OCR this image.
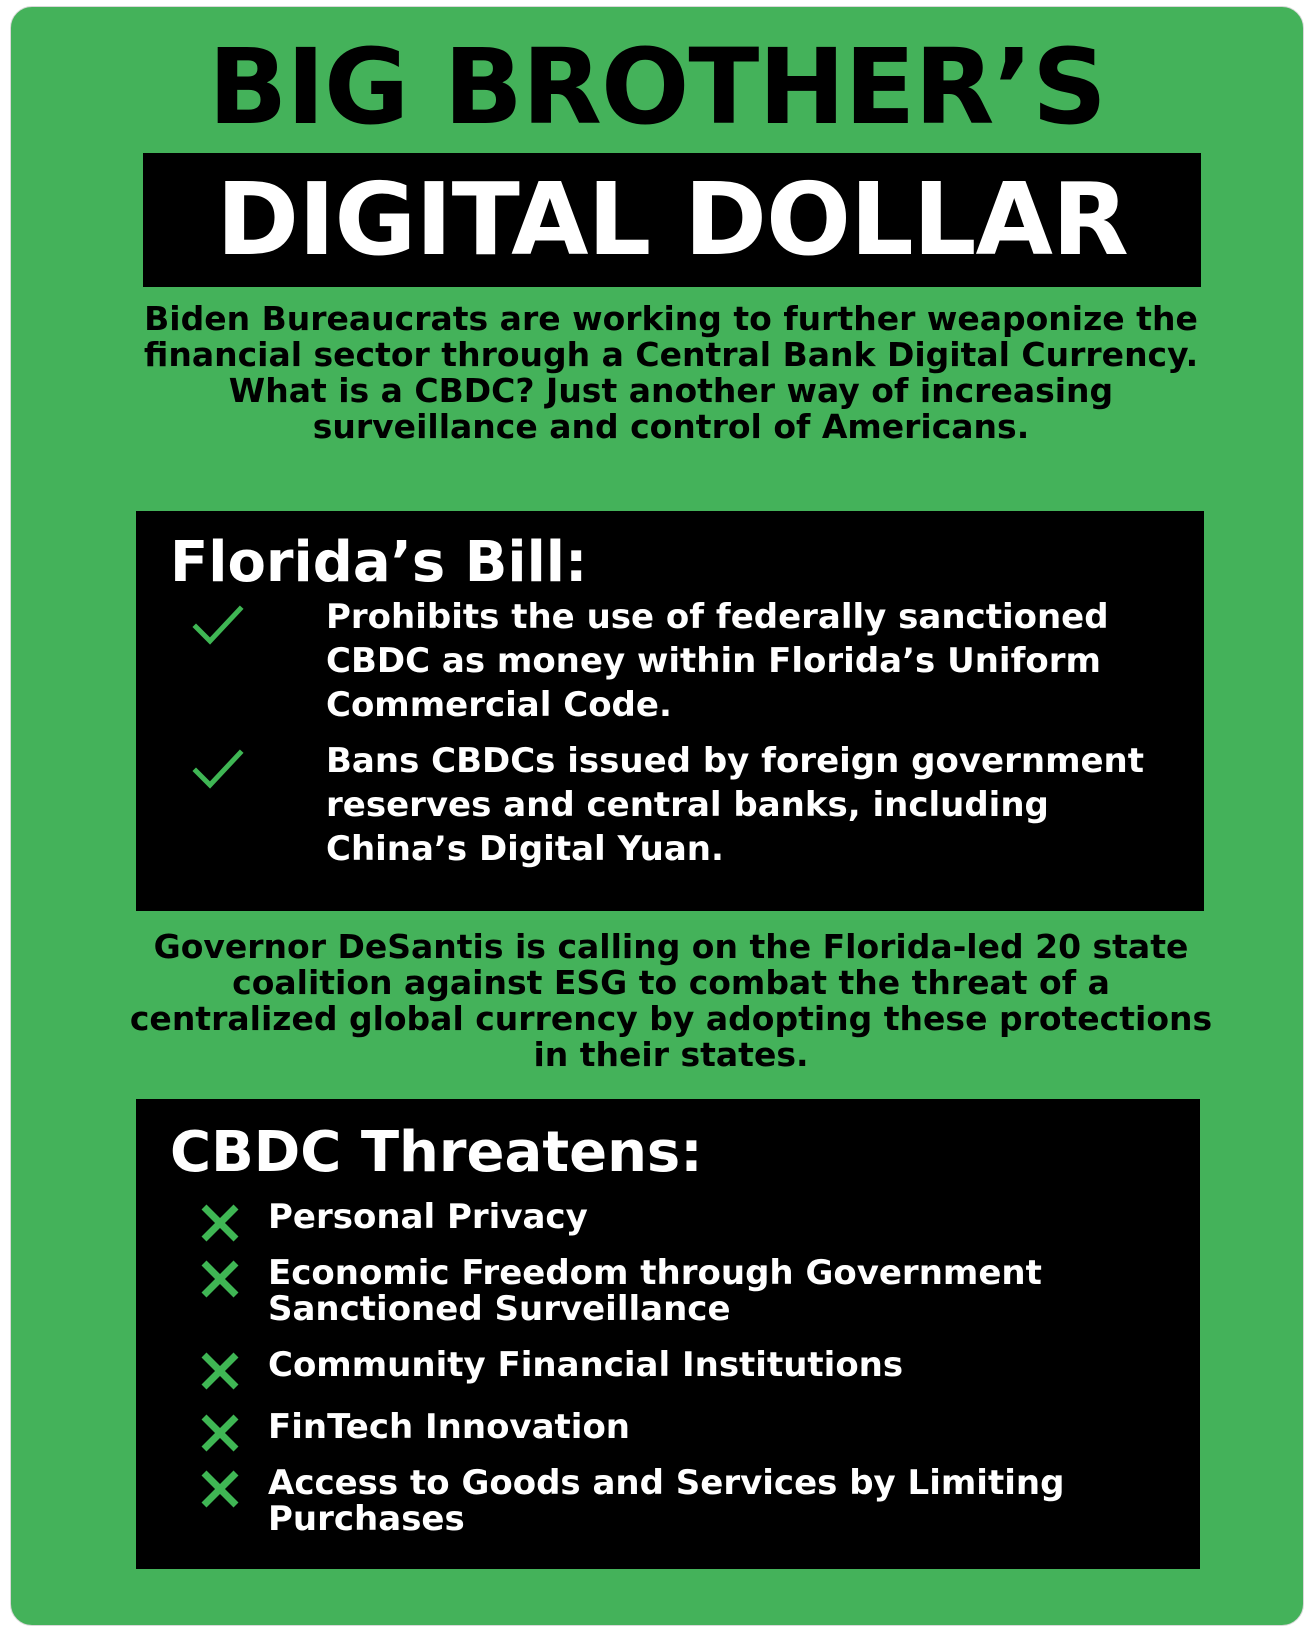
BIG BROTHER’S
DIGITAL DOLLAR
Biden Bureaucrats are working to further weaponize the financial sector through a Central Bank Digital Currency. What is a CBDC? Just another way of increasing surveillance and control of Americans.
Florida’s Bill:
Prohibits the use of federally sanctioned CBDC as money within Florida’s Uniform Commercial Code.
Bans CBDCs issued by foreign government reserves and central banks, including China’s Digital Yuan.
Governor DeSantis is calling on the Florida-led 20 state coalition against ESG to combat the threat of a centralized global currency by adopting these protections in their states.
CBDC Threatens:
Personal Privacy
Economic Freedom through Government Sanctioned Surveillance
Community Financial Institutions
FinTech Innovation
Access to Goods and Services by Limiting Purchases
